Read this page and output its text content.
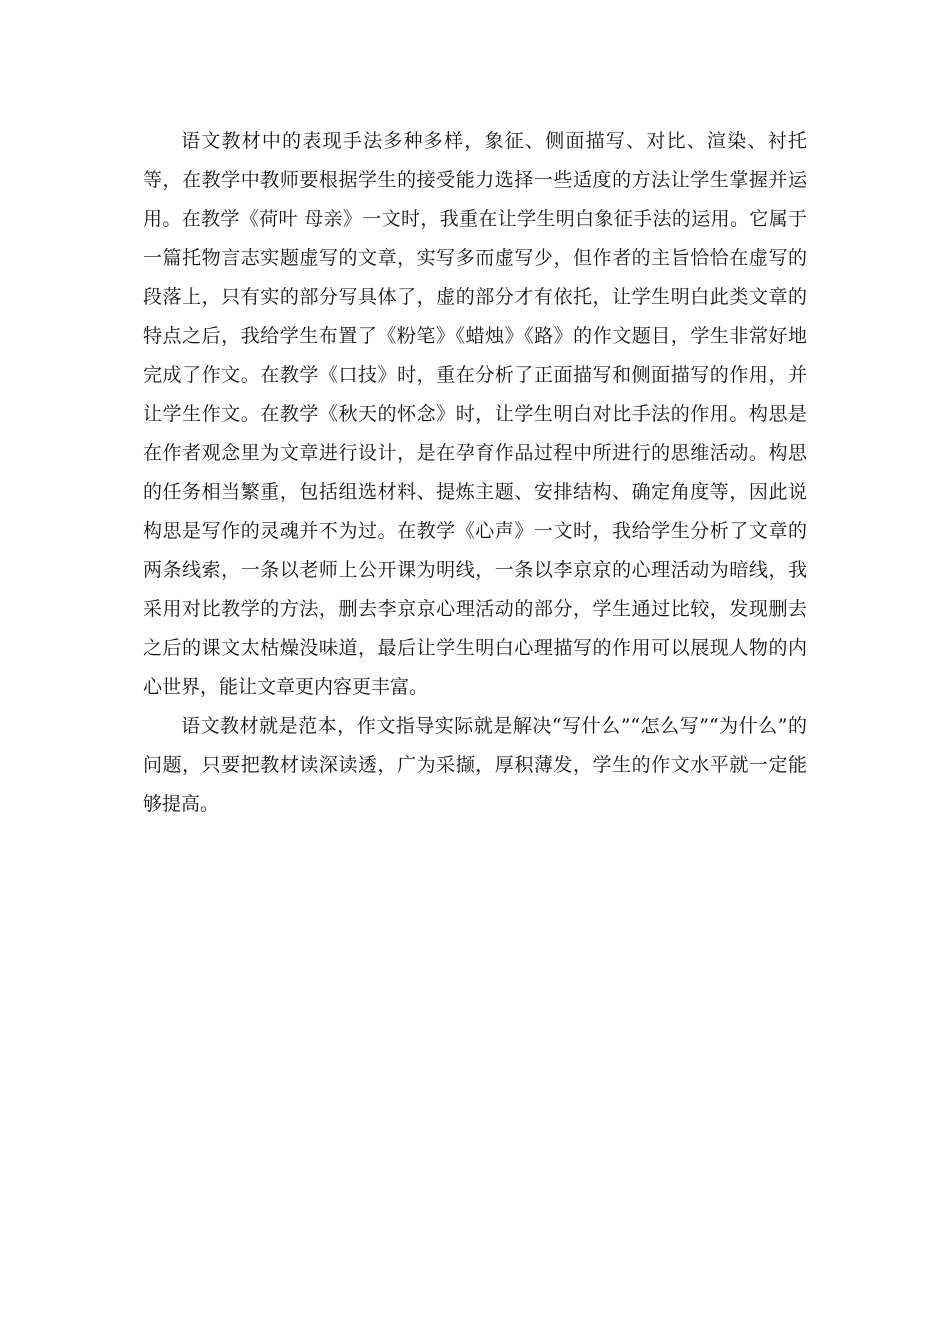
语文教材中的表现手法多种多样，象征、侧面描写、对比、渲染、衬托等，在教学中教师要根据学生的接受能力选择一些适度的方法让学生掌握并运用。在教学《荷叶 母亲》一文时，我重在让学生明白象征手法的运用。它属于一篇托物言志实题虚写的文章，实写多而虚写少，但作者的主旨恰恰在虚写的段落上，只有实的部分写具体了，虚的部分才有依托，让学生明白此类文章的特点之后，我给学生布置了《粉笔》《蜡烛》《路》的作文题目，学生非常好地完成了作文。在教学《口技》时，重在分析了正面描写和侧面描写的作用，并让学生作文。在教学《秋天的怀念》时，让学生明白对比手法的作用。构思是在作者观念里为文章进行设计，是在孕育作品过程中所进行的思维活动。构思的任务相当繁重，包括组选材料、提炼主题、安排结构、确定角度等，因此说构思是写作的灵魂并不为过。在教学《心声》一文时，我给学生分析了文章的两条线索，一条以老师上公开课为明线，一条以李京京的心理活动为暗线，我采用对比教学的方法，删去李京京心理活动的部分，学生通过比较，发现删去之后的课文太枯燥没味道，最后让学生明白心理描写的作用可以展现人物的内心世界，能让文章更内容更丰富。

语文教材就是范本，作文指导实际就是解决“写什么”“怎么写”“为什么”的问题，只要把教材读深读透，广为采撷，厚积薄发，学生的作文水平就一定能够提高。
